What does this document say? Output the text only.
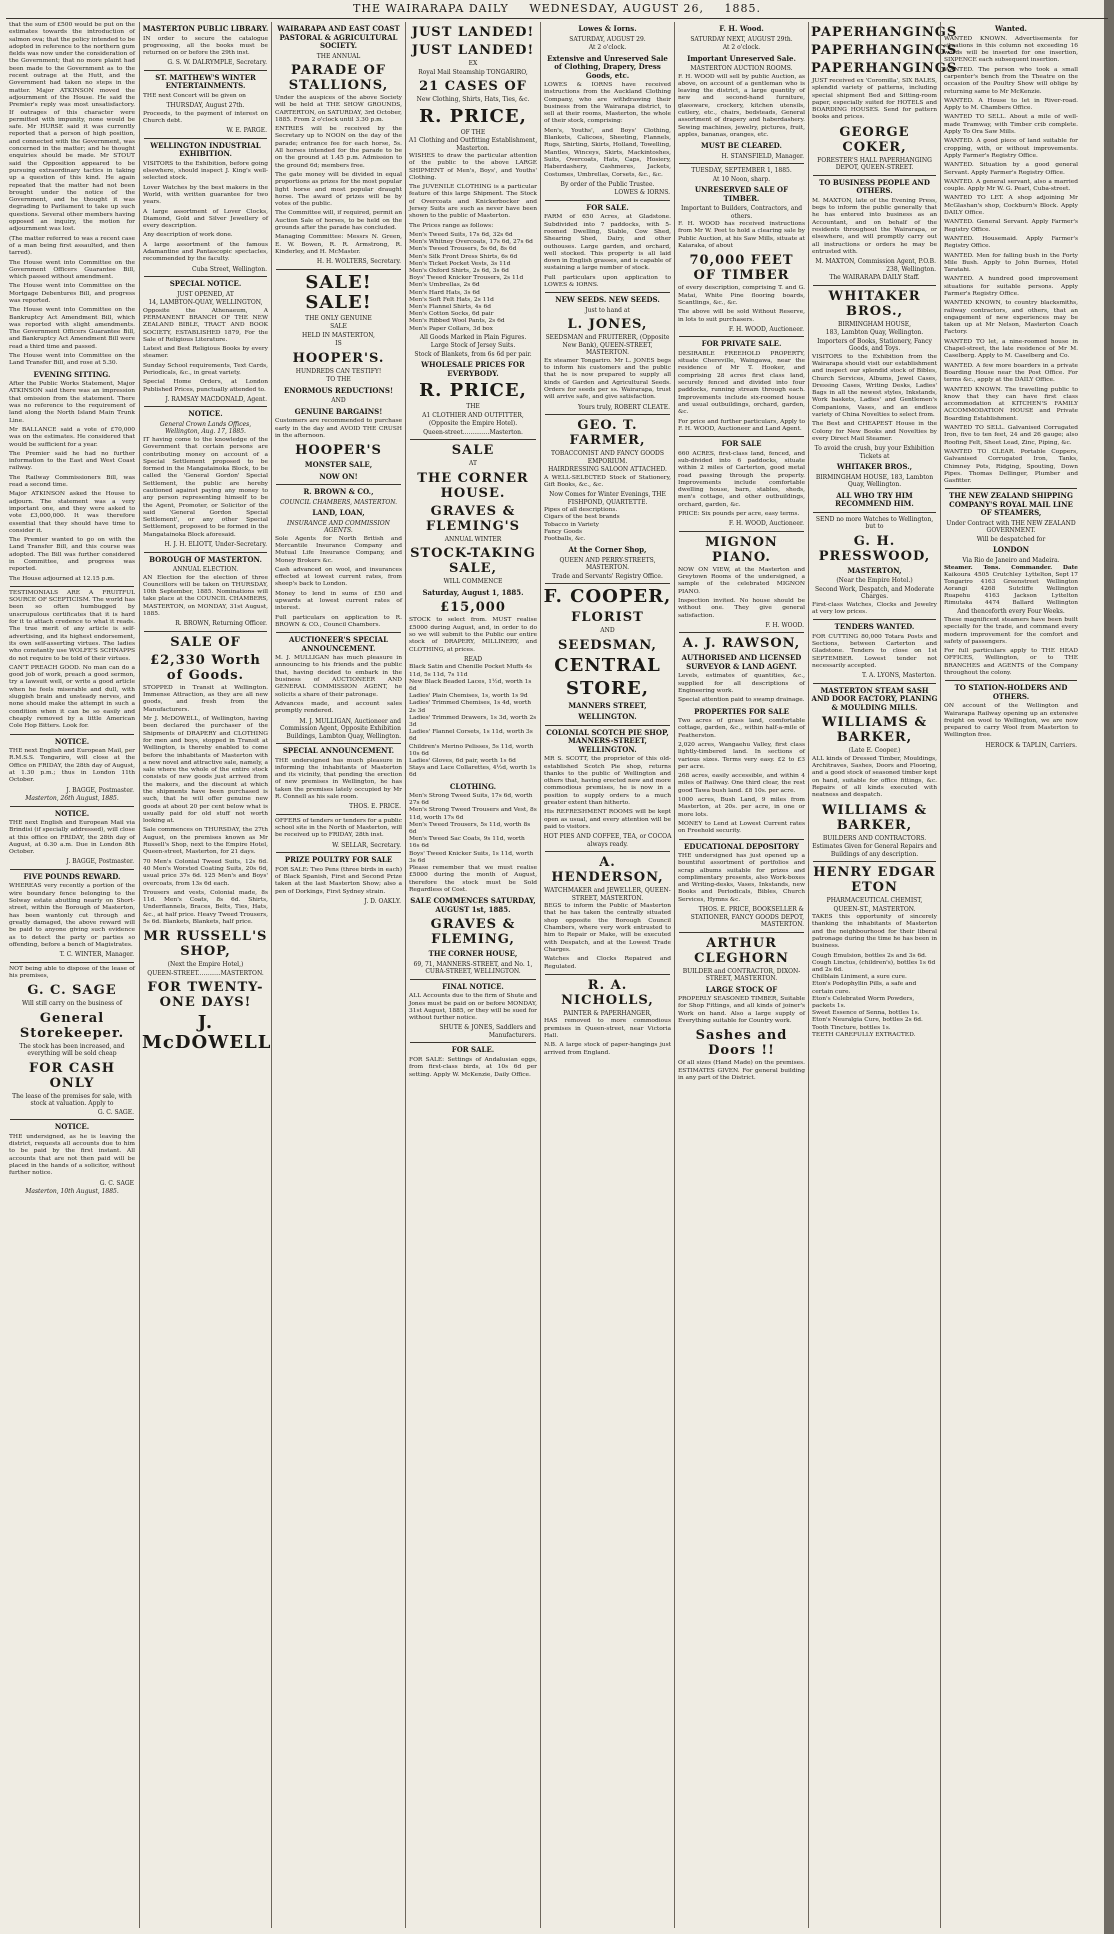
THE WAIRARAPA DAILY WEDNESDAY, AUGUST 26, 1885.

that the sum of £500 would be put on the estimates towards the introduction of salmon ova; that the policy intended to be adopted in reference to the northern gum fields was now under the consideration of the Government; that no more plaint had been made to the Government as to the recent outrage at the Hutt, and the Government had taken no steps in the matter. Major ATKINSON moved the adjournment of the House. He said the Premier's reply was most unsatisfactory. If outrages of this character were permitted with impunity, none would be safe. Mr HURSE said it was currently reported that a person of high position, and connected with the Government, was concerned in the matter; and he thought enquiries should be made. Mr STOUT said the Opposition appeared to be pursuing extraordinary tactics in taking up a question of this kind. He again repeated that the matter had not been brought under the notice of the Government, and he thought it was degrading to Parliament to take up such questions. Several other members having opposed an inquiry, the motion for adjournment was lost.

(The matter referred to was a recent case of a man being first assaulted, and then tarred).

The House went into Committee on the Government Officers Guarantee Bill, which passed without amendment.

The House went into Committee on the Mortgage Debentures Bill, and progress was reported.

The House went into Committee on the Bankruptcy Act Amendment Bill, which was reported with slight amendments. The Government Officers Guarantee Bill, and Bankruptcy Act Amendment Bill were read a third time and passed.

The House went into Committee on the Land Transfer Bill, and rose at 5.30.

EVENING SITTING.

After the Public Works Statement, Major ATKINSON said there was an impression that omission from the statement. There was no reference to the requirement of land along the North Island Main Trunk Line.

Mr BALLANCE said a vote of £70,000 was on the estimates. He considered that would be sufficient for a year.

The Premier said he had no further information to the East and West Coast railway.

The Railway Commissioners Bill, was read a second time.

Major ATKINSON asked the House to adjourn. The statement was a very important one, and they were asked to vote £3,000,000. It was therefore essential that they should have time to consider it.

The Premier wanted to go on with the Land Transfer Bill, and this course was adopted. The Bill was further considered in Committee, and progress was reported.

The House adjourned at 12.15 p.m.

TESTIMONIALS ARE A FRUITFUL SOURCE OF SCEPTICISM. The world has been so often humbugged by unscrupulous certificates that it is hard for it to attach credence to what it reads. The true merit of any article is self-advertising, and its highest endorsement, its own self-asserting virtues. The ladies who constantly use WOLFE'S SCHNAPPS do not require to be told of their virtues.

CAN'T PREACH GOOD. No man can do a good job of work, preach a good sermon, try a lawsuit well, or write a good article when he feels miserable and dull, with sluggish brain and unsteady nerves, and none should make the attempt in such a condition when it can be so easily and cheaply removed by a little American Cole Hop Bitters. Look for.

NOTICE.

THE next English and European Mail, per R.M.S.S. Tongariro, will close at the Office on FRIDAY, the 28th day of August, at 1.30 p.m.; thus in London 11th October.

J. BAGGE, Postmaster.
Masterton, 26th August, 1885.
NOTICE.

THE next English and European Mail via Brindisi (if specially addressed), will close at this office on FRIDAY, the 28th day of August, at 6.30 a.m. Due in London 8th October.

J. BAGGE, Postmaster.
FIVE POUNDS REWARD.

WHEREAS very recently a portion of the wire boundary fence belonging to the Solway estate abutting nearly on Short-street, within the Borough of Masterton, has been wantonly cut through and greatly damaged, the above reward will be paid to anyone giving such evidence as to detect the party or parties so offending, before a bench of Magistrates.

T. C. WINTER, Manager.

NOT being able to dispose of the lease of his premises,

G. C. SAGE
Will still carry on the business of
General Storekeeper.
The stock has been increased, and everything will be sold cheap
FOR CASH ONLY
The lease of the premises for sale, with stock at valuation. Apply to
G. C. SAGE.
NOTICE.

THE undersigned, as he is leaving the district, requests all accounts due to him to be paid by the first instant. All accounts that are not then paid will be placed in the hands of a solicitor, without further notice.

G. C. SAGE
Masterton, 10th August, 1885.
MASTERTON PUBLIC LIBRARY.

IN order to secure the catalogue progressing, all the books must be returned on or before the 29th inst.

G. S. W. DALRYMPLE, Secretary.
ST. MATTHEW'S WINTER ENTERTAINMENTS.

THE next Concert will be given on

THURSDAY, August 27th.

Proceeds, to the payment of interest on Church debt.

W. E. PARGE.
WELLINGTON INDUSTRIAL EXHIBITION.

VISITORS to the Exhibition, before going elsewhere, should inspect J. King's well-selected stock.

Lover Watches by the best makers in the World, with written guarantee for two years.

A large assortment of Lover Clocks, Diamond, Gold and Silver Jewellery of every description.

Any description of work done.

A large assortment of the famous Adamantine and Pantascopic spectacles, recommended by the faculty.

Cuba Street, Wellington.
SPECIAL NOTICE.
JUST OPENED, AT
14, LAMBTON-QUAY, WELLINGTON,

Opposite the Athenaeum, A PERMANENT BRANCH OF THE NEW ZEALAND BIBLE, TRACT AND BOOK SOCIETY, ESTABLISHED 1879, For the Sale of Religious Literature.

Latest and Best Religious Books by every steamer.

Sunday School requirements, Text Cards, Periodicals, &c., in great variety.

Special Home Orders, at London Published Prices, punctually attended to.

J. RAMSAY MACDONALD, Agent.
NOTICE.
General Crown Lands Offices, Wellington, Aug. 17, 1885.

IT having come to the knowledge of the Government that certain persons are contributing money on account of a Special Settlement proposed to be formed in the Mangatainoka Block, to be called the 'General Gordon' Special Settlement, the public are hereby cautioned against paying any money to any person representing himself to be the Agent, Promoter, or Solicitor of the said 'General Gordon Special Settlement', or any other Special Settlement, proposed to be formed in the Mangatainoka Block aforesaid.

H. J. H. ELIOTT, Under-Secretary.
BOROUGH OF MASTERTON.
ANNUAL ELECTION.

AN Election for the election of three Councillors will be taken on THURSDAY, 10th September, 1885. Nominations will take place at the COUNCIL CHAMBERS, MASTERTON, on MONDAY, 31st August, 1885.

R. BROWN, Returning Officer.
SALE OF
£2,330 Worth of Goods.

STOPPED in Transit at Wellington. Immense Attraction, as they are all new goods, and fresh from the Manufacturers.

Mr J. McDOWELL, of Wellington, having been declared the purchaser of the Shipments of DRAPERY and CLOTHING for men and boys, stopped in Transit at Wellington, is thereby enabled to come before the inhabitants of Masterton with a new novel and attractive sale, namely, a sale where the whole of the entire stock consists of new goods just arrived from the makers, and the discount at which the shipments have been purchased is such, that he will offer genuine new goods at about 20 per cent below what is usually paid for old stuff not worth looking at.

Sale commences on THURSDAY, the 27th August, on the premises known as Mr Russell's Shop, next to the Empire Hotel, Queen-street, Masterton, for 21 days.

70 Men's Colonial Tweed Suits, 12s 6d. 40 Men's Worsted Coating Suits, 20s 6d, usual price 37s 6d. 125 Men's and Boys' overcoats, from 13s 6d each.

Trousers and vests, Colonial made, 8s 11d. Men's Coats, 8s 6d. Shirts, Underflannels, Braces, Belts, Ties, Hats, &c., at half price. Heavy Tweed Trousers, 5s 6d. Blankets, Blankets, half price.

MR RUSSELL'S SHOP,
(Next the Empire Hotel,)
QUEEN-STREET............MASTERTON.
FOR TWENTY-ONE DAYS!
J. McDOWELL
WAIRARAPA AND EAST COAST PASTORAL & AGRICULTURAL SOCIETY.
THE ANNUAL
PARADE OF STALLIONS,

Under the auspices of the above Society will be held at THE SHOW GROUNDS, CARTERTON, on SATURDAY, 3rd October, 1885. From 2 o'clock until 3.30 p.m.

ENTRIES will be received by the Secretary up to NOON on the day of the parade; entrance fee for each horse, 5s. All horses intended for the parade to be on the ground at 1.45 p.m. Admission to the ground 6d; members free.

The gate money will be divided in equal proportions as prizes for the most popular light horse and most popular draught horse. The award of prizes will be by votes of the public.

The Committee will, if required, permit an Auction Sale of horses, to be held on the grounds after the parade has concluded.

Managing Committee: Messrs N. Green, E. W. Bowen, R. R. Armstrong, R. Kinderley, and H. McMaster.

H. H. WOLTERS, Secretary.
SALE! SALE!
THE ONLY GENUINE
SALE
HELD IN MASTERTON,
IS
HOOPER'S.
HUNDREDS CAN TESTIFY!
TO THE
ENORMOUS REDUCTIONS!
AND
GENUINE BARGAINS!

Customers are recommended to purchase early in the day and AVOID THE CRUSH in the afternoon.

HOOPER'S
MONSTER SALE,
NOW ON!
R. BROWN & CO.,
COUNCIL CHAMBERS, MASTERTON.
LAND, LOAN,
INSURANCE AND COMMISSION AGENTS.

Sole Agents for North British and Mercantile Insurance Company and Mutual Life Insurance Company, and Money Brokers &c.

Cash advanced on wool, and insurances effected at lowest current rates, from sheep's back to London.

Money to lend in sums of £50 and upwards at lowest current rates of interest.

Full particulars on application to R. BROWN & CO., Council Chambers.

AUCTIONEER'S SPECIAL ANNOUNCEMENT.

M. J. MULLIGAN has much pleasure in announcing to his friends and the public that, having decided to embark in the business of AUCTIONEER AND GENERAL COMMISSION AGENT, he solicits a share of their patronage.

Advances made, and account sales promptly rendered.

M. J. MULLIGAN, Auctioneer and Commission Agent, Opposite Exhibition Buildings, Lambton Quay, Wellington.
SPECIAL ANNOUNCEMENT.

THE undersigned has much pleasure in informing the inhabitants of Masterton and its vicinity, that pending the erection of new premises in Wellington, he has taken the premises lately occupied by Mr R. Connell as his sale room.

THOS. E. PRICE.

OFFERS of tenders or tenders for a public school site in the North of Masterton, will be received up to FRIDAY, 28th inst.

W. SELLAR, Secretary.
PRIZE POULTRY FOR SALE

FOR SALE: Two Pens (three birds in each) of Black Spanish, First and Second Prize taken at the last Masterton Show; also a pen of Dorkings, First Sydney strain.

J. D. OAKLY.
JUST LANDED!
JUST LANDED!
EX
Royal Mail Steamship TONGARIRO,
21 CASES OF
New Clothing, Shirts, Hats, Ties, &c.
R. PRICE,
OF THE
A1 Clothing and Outfitting Establishment, Masterton.

WISHES to draw the particular attention of the public to the above LARGE SHIPMENT of Men's, Boys', and Youths' Clothing.

The JUVENILE CLOTHING is a particular feature of this large Shipment. The Stock of Overcoats and Knickerbocker and Jersey Suits are such as never have been shown to the public of Masterton.

The Prices range as follows:

Men's Tweed Suits, 17s 6d, 32s 6d
Men's Whitney Overcoats, 17s 6d, 27s 6d
Men's Tweed Trousers, 5s 6d, 8s 6d
Men's Silk Front Dress Shirts, 6s 6d
Men's Ticket Pocket Vests, 3s 11d
Men's Oxford Shirts, 2s 6d, 3s 6d
Boys' Tweed Knicker Trousers, 2s 11d
Men's Umbrellas, 2s 6d
Men's Hard Hats, 3s 6d
Men's Soft Felt Hats, 2s 11d
Men's Flannel Shirts, 4s 6d
Men's Cotton Socks, 6d pair
Men's Ribbed Wool Pants, 2s 6d
Men's Paper Collars, 3d box
All Goods Marked in Plain Figures.
Large Stock of Jersey Suits.
Stock of Blankets, from 6s 6d per pair.
WHOLESALE PRICES FOR EVERYBODY.
R. PRICE,
THE
A1 CLOTHIER AND OUTFITTER,
(Opposite the Empire Hotel).
Queen-street..............Masterton.
SALE
AT
THE CORNER HOUSE.
GRAVES & FLEMING'S
ANNUAL WINTER
STOCK-TAKING SALE,
WILL COMMENCE
Saturday, August 1, 1885.
£15,000

STOCK to select from. MUST realise £5000 during August, and, in order to do so we will submit to the Public our entire stock of DRAPERY, MILLINERY, and CLOTHING, at prices.

READ
Black Satin and Chenille Pocket Muffs 4s 11d, 5s 11d, 7s 11d
New Black Beaded Laces, 1½d, worth 1s 6d
Ladies' Plain Chemises, 1s, worth 1s 9d
Ladies' Trimmed Chemises, 1s 4d, worth 2s 3d
Ladies' Trimmed Drawers, 1s 3d, worth 2s 3d
Ladies' Flannel Corsets, 1s 11d, worth 3s 6d
Children's Merino Pelisses, 5s 11d, worth 10s 6d
Ladies' Gloves, 6d pair, worth 1s 6d
Stays and Lace Collarettes, 4½d, worth 1s 6d
CLOTHING.
Men's Strong Tweed Suits, 17s 6d, worth 27s 6d
Men's Strong Tweed Trousers and Vest, 8s 11d, worth 17s 6d
Men's Tweed Trousers, 5s 11d, worth 8s 6d
Men's Tweed Sac Coats, 9s 11d, worth 16s 6d
Boys' Tweed Knicker Suits, 1s 11d, worth 3s 6d

Please remember that we must realise £5000 during the month of August, therefore the stock must be Sold Regardless of Cost.

SALE COMMENCES SATURDAY, AUGUST 1st, 1885.
GRAVES & FLEMING,
THE CORNER HOUSE,
69, 71, MANNERS-STREET, and No. 1, CUBA-STREET, WELLINGTON.
FINAL NOTICE.

ALL Accounts due to the firm of Shute and Jones must be paid on or before MONDAY, 31st August, 1885, or they will be sued for without further notice.

SHUTE & JONES, Saddlers and Manufacturers.
FOR SALE.

FOR SALE: Settings of Andalusian eggs, from first-class birds, at 10s 6d per setting. Apply W. McKenzie, Daily Office.

Lowes & Iorns.
SATURDAY, AUGUST 29.
At 2 o'clock.
Extensive and Unreserved Sale of Clothing, Drapery, Dress Goods, etc.

LOWES & IORNS have received instructions from the Auckland Clothing Company, who are withdrawing their business from the Wairarapa district, to sell at their rooms, Masterton, the whole of their stock, comprising:

Men's, Youths', and Boys' Clothing, Blankets, Calicoes, Sheeting, Flannels, Rugs, Shirting, Skirts, Holland, Towelling, Mantles, Winceys, Skirts, Mackintoshes, Suits, Overcoats, Hats, Caps, Hosiery, Haberdashery, Cashmeres, Jackets, Costumes, Umbrellas, Corsets, &c., &c.

By order of the Public Trustee.
LOWES & IORNS.
FOR SALE.

FARM of 650 Acres, at Gladstone. Subdivided into 7 paddocks, with 5-roomed Dwelling, Stable, Cow Shed, Shearing Shed, Dairy, and other outhouses. Large garden, and orchard, well stocked. This property is all laid down in English grasses, and is capable of sustaining a large number of stock.

Full particulars upon application to LOWES & IORNS.

NEW SEEDS. NEW SEEDS.
Just to hand at
L. JONES,
SEEDSMAN and FRUITERER, (Opposite New Bank), QUEEN-STREET, MASTERTON.

Ex steamer Tongariro. Mr L. JONES begs to inform his customers and the public that he is now prepared to supply all kinds of Garden and Agricultural Seeds. Orders for seeds per ss. Wairarapa, trust will arrive safe, and give satisfaction.

Yours truly, ROBERT CLEATE.
GEO. T. FARMER,
TOBACCONIST AND FANCY GOODS EMPORIUM.
HAIRDRESSING SALOON ATTACHED.

A WELL-SELECTED Stock of Stationery, Gift Books, &c., &c.

Now Comes for Winter Evenings, THE FISHPOND, QUARTETTE.
Pipes of all descriptions.
Cigars of the best brands
Tobacco in Variety
Fancy Goods
Footballs, &c.
At the Corner Shop,
QUEEN AND PERRY-STREETS, MASTERTON.
Trade and Servants' Registry Office.
F. COOPER,
FLORIST
AND
SEEDSMAN,
CENTRAL
STORE,
MANNERS STREET,
WELLINGTON.
COLONIAL SCOTCH PIE SHOP, MANNERS-STREET, WELLINGTON.

MR S. SCOTT, the proprietor of this old-established Scotch Pie shop, returns thanks to the public of Wellington and others that, having erected new and more commodious premises, he is now in a position to supply orders to a much greater extent than hitherto.

His REFRESHMENT ROOMS will be kept open as usual, and every attention will be paid to visitors.

HOT PIES AND COFFEE, TEA, or COCOA always ready.
A. HENDERSON,
WATCHMAKER and JEWELLER, QUEEN-STREET, MASTERTON.

BEGS to inform the Public of Masterton that he has taken the centrally situated shop opposite the Borough Council Chambers, where very work entrusted to him to Repair or Make, will be executed with Despatch, and at the Lowest Trade Charges.

Watches and Clocks Repaired and Regulated.

R. A. NICHOLLS,
PAINTER & PAPERHANGER,

HAS removed to more commodious premises in Queen-street, near Victoria Hall.

N.B. A large stock of paper-hangings just arrived from England.

F. H. Wood.
SATURDAY NEXT, AUGUST 29th.
At 2 o'clock.
Important Unreserved Sale.
MASTERTON AUCTION ROOMS.

F. H. WOOD will sell by public Auction, as above, on account of a gentleman who is leaving the district, a large quantity of new and second-hand furniture, glassware, crockery, kitchen utensils, cutlery, etc., chairs, bedsteads, General assortment of drapery and haberdashery. Sewing machines, jewelry, pictures, fruit, apples, bananas, oranges, etc.

MUST BE CLEARED.
H. STANSFIELD, Manager.
TUESDAY, SEPTEMBER 1, 1885.
At 10 Noon, sharp.
UNRESERVED SALE OF TIMBER.
Important to Builders, Contractors, and others.

F. H. WOOD has received instructions from Mr W. Peet to hold a clearing sale by Public Auction, at his Saw Mills, situate at Kaiaraka, of about

70,000 FEET OF TIMBER

of every description, comprising T. and G. Matai, White Pine flooring boards, Scantlings, &c., &c.

The above will be sold Without Reserve, in lots to suit purchasers.

F. H. WOOD, Auctioneer.
FOR PRIVATE SALE.

DESIRABLE FREEHOLD PROPERTY, situate Chereville, Waingawa, near the residence of Mr T. Hooker, and comprising 28 acres first class land, securely fenced and divided into four paddocks, running stream through each. Improvements include six-roomed house and usual outbuildings, orchard, garden, &c.

For price and further particulars, Apply to F. H. WOOD, Auctioneer and Land Agent.

FOR SALE

660 ACRES, first-class land, fenced, and sub-divided into 6 paddocks, situate within 2 miles of Carterton, good metal road passing through the property. Improvements include comfortable dwelling house, barn, stables, sheds, men's cottage, and other outbuildings, orchard, garden, &c.

PRICE: Six pounds per acre, easy terms.

F. H. WOOD, Auctioneer.
MIGNON PIANO.

NOW ON VIEW, at the Masterton and Greytown Rooms of the undersigned, a sample of the celebrated MIGNON PIANO.

Inspection invited. No house should be without one. They give general satisfaction.

F. H. WOOD.
A. J. RAWSON,
AUTHORISED AND LICENSED SURVEYOR & LAND AGENT.

Levels, estimates of quantities, &c., supplied for all descriptions of Engineering work.

Special attention paid to swamp drainage.

PROPERTIES FOR SALE

Two acres of grass land, comfortable cottage, garden, &c., within half-a-mile of Featherston.

2,020 acres, Wangaehu Valley, first class lightly-timbered land. In sections of various sizes. Terms very easy. £2 to £3 per acre.

268 acres, easily accessible, and within 4 miles of Railway. One third clear, the rest good Tawa bush land. £8 10s. per acre.

1000 acres, Bush Land, 9 miles from Masterton, at 20s. per acre, in one or more lots.

MONEY to Lend at Lowest Current rates on Freehold security.

EDUCATIONAL DEPOSITORY

THE undersigned has just opened up a bountiful assortment of portfolios and scrap albums suitable for prizes and complimentary presents, also Work-boxes and Writing-desks, Vases, Inkstands, new Books and Periodicals, Bibles, Church Services, Hymns &c.

THOS. E. PRICE, BOOKSELLER & STATIONER, FANCY GOODS DEPOT, MASTERTON.
ARTHUR CLEGHORN
BUILDER and CONTRACTOR, DIXON-STREET, MASTERTON.
LARGE STOCK OF

PROPERLY SEASONED TIMBER, Suitable for Shop Fittings, and all kinds of joiner's Work on hand. Also a large supply of Everything suitable for Country work.

Sashes and Doors !!

Of all sizes (Hand Made) on the premises. ESTIMATES GIVEN. For general building in any part of the District.

PAPERHANGINGS
PAPERHANGINGS
PAPERHANGINGS

JUST received ex 'Coromilla', SIX BALES, splendid variety of patterns, including special shipment Bed and Sitting-room paper, especially suited for HOTELS and BOARDING HOUSES. Send for pattern books and prices.

GEORGE COKER,
FORESTER'S HALL PAPERHANGING DEPOT, QUEEN-STREET.
TO BUSINESS PEOPLE AND OTHERS.

M. MAXTON, late of the Evening Press, begs to inform the public generally that he has entered into business as an Accountant, and on behalf of the residents throughout the Wairarapa, or elsewhere, and will promptly carry out all instructions or orders he may be entrusted with.

M. MAXTON, Commission Agent, P.O.B. 238, Wellington.
The WAIRARAPA DAILY Staff.
WHITAKER BROS.,
BIRMINGHAM HOUSE,
183, Lambton Quay, Wellington.
Importers of Books, Stationery, Fancy Goods, and Toys.

VISITORS to the Exhibition from the Wairarapa should visit our establishment and inspect our splendid stock of Bibles, Church Services, Albums, Jewel Cases, Dressing Cases, Writing Desks, Ladies' Bags in all the newest styles, Inkstands, Work baskets, Ladies' and Gentlemen's Companions, Vases, and an endless variety of China Novelties to select from.

The Best and CHEAPEST House in the Colony for New Books and Novelties by every Direct Mail Steamer.

To avoid the crush, buy your Exhibition Tickets at
WHITAKER BROS.,
BIRMINGHAM HOUSE, 183, Lambton Quay, Wellington.
ALL WHO TRY HIM RECOMMEND HIM.
SEND no more Watches to Wellington, but to
G. H. PRESSWOOD,
MASTERTON,
(Near the Empire Hotel.)
Second Work, Despatch, and Moderate Charges.

First-class Watches, Clocks and Jewelry at very low prices.

TENDERS WANTED.

FOR CUTTING 80,000 Totara Posts and Sections, between Carterton and Gladstone. Tenders to close on 1st SEPTEMBER. Lowest tender not necessarily accepted.

T. A. LYONS, Masterton.
MASTERTON STEAM SASH AND DOOR FACTORY, PLANING & MOULDING MILLS.
WILLIAMS & BARKER,
(Late E. Cooper.)

ALL kinds of Dressed Timber, Mouldings, Architraves, Sashes, Doors and Flooring, and a good stock of seasoned timber kept on hand, suitable for office fittings, &c. Repairs of all kinds executed with neatness and despatch.

WILLIAMS & BARKER,
BUILDERS AND CONTRACTORS.
Estimates Given for General Repairs and Buildings of any description.
HENRY EDGAR ETON
PHARMACEUTICAL CHEMIST,
QUEEN-ST., MASTERTON.

TAKES this opportunity of sincerely thanking the inhabitants of Masterton and the neighbourhood for their liberal patronage during the time he has been in business.

Cough Emulsion, bottles 2s and 3s 6d.
Cough Linctus, (children's), bottles 1s 6d and 2s 6d.
Chilblain Liniment, a sure cure.
Eton's Podophyllin Pills, a safe and certain cure.
Eton's Celebrated Worm Powders, packets 1s.
Sweet Essence of Senna, bottles 1s.
Eton's Neuralgia Cure, bottles 2s 6d.
Tooth Tincture, bottles 1s.

TEETH CAREFULLY EXTRACTED.

Wanted.

WANTED KNOWN. Advertisements for situations in this column not exceeding 16 words will be inserted for one insertion, SIXPENCE each subsequent insertion.

WANTED. The person who took a small carpenter's bench from the Theatre on the occasion of the Poultry Show will oblige by returning same to Mr McKenzie.

WANTED. A House to let in River-road. Apply to M. Chambers Office.

WANTED TO SELL. About a mile of well-made Tramway, with Timber crib complete. Apply To Ora Saw Mills.

WANTED. A good piece of land suitable for cropping, with, or without improvements. Apply Farmer's Registry Office.

WANTED. Situation by a good general Servant. Apply Farmer's Registry Office.

WANTED. A general servant, also a married couple. Apply Mr W. G. Pearl, Cuba-street.

WANTED TO LET. A shop adjoining Mr McGlashan's shop, Cockburn's Block. Apply DAILY Office.

WANTED. General Servant. Apply Farmer's Registry Office.

WANTED. Housemaid. Apply Farmer's Registry Office.

WANTED. Men for falling bush in the Forty Mile Bush. Apply to John Burnes, Hotel Taratahi.

WANTED. A hundred good improvement situations for suitable persons. Apply Farmer's Registry Office.

WANTED KNOWN, to country blacksmiths, railway contractors, and others, that an engagement of new experiences may be taken up at Mr Nelson, Masterton Coach Factory.

WANTED TO let, a nine-roomed house in Chapel-street, the late residence of Mr M. Caselberg. Apply to M. Caselberg and Co.

WANTED. A few more boarders in a private Boarding House near the Post Office. For terms &c., apply at the DAILY Office.

WANTED KNOWN. The travelling public to know that they can have first class accommodation at KITCHEN'S FAMILY ACCOMMODATION HOUSE and Private Boarding Establishment.

WANTED TO SELL. Galvanised Corrugated Iron, five to ten feet, 24 and 26 gauge; also Roofing Felt, Sheet Lead, Zinc, Piping, &c.

WANTED TO CLEAR. Portable Coppers, Galvanised Corrugated Iron, Tanks, Chimney Pots, Ridging, Spouting, Down Pipes. Thomas Dellinger, Plumber and Gasfitter.

THE NEW ZEALAND SHIPPING COMPANY'S ROYAL MAIL LINE OF STEAMERS,
Under Contract with THE NEW ZEALAND GOVERNMENT.
Will be despatched for
LONDON
Via Rio de Janeiro and Madeira.
Steamer. Tons. Commander. Date
Kaikoura 4505 Crutchley Lyttelton, Sept 17
Tongariro 4163 Greenstreet Wellington
Aorangi 4268 Sutcliffe Wellington
Ruapehu	4163	Jackson	Lyttelton
Rimutaka 4474 Ballard Wellington
And thenceforth every Four Weeks.

These magnificent steamers have been built specially for the trade, and command every modern improvement for the comfort and safety of passengers.

For full particulars apply to THE HEAD OFFICES, Wellington, or to THE BRANCHES and AGENTS of the Company throughout the colony.

TO STATION-HOLDERS AND OTHERS.

ON account of the Wellington and Wairarapa Railway opening up an extensive freight on wool to Wellington, we are now prepared to carry Wool from Masterton to Wellington free.

HEROCK & TAPLIN, Carriers.
